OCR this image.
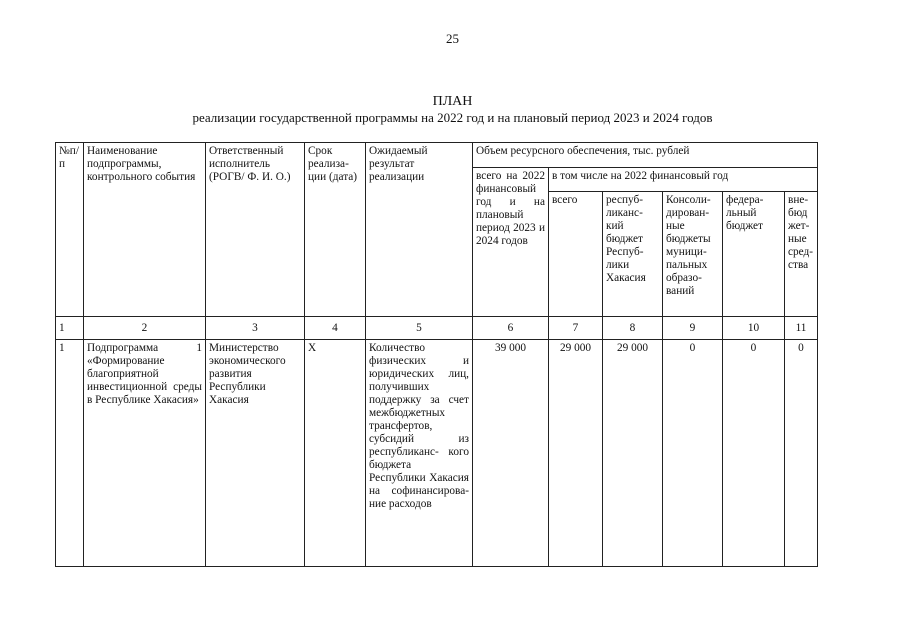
25
ПЛАН
реализации государственной программы на 2022 год и на плановый период 2023 и 2024 годов
№п/ п	Наименование подпрограммы, контрольного события	Ответственный исполнитель (РОГВ/ Ф. И. О.)	Срок реализа- ции (дата)	Ожидаемый результат реализации	Объем ресурсного обеспечения, тыс. рублей					
					всего на 2022 финансовый год и на плановый период 2023 и 2024 годов	в том числе на 2022 финансовый год				
						всего	респуб- ликанс- кий бюджет Респуб- лики Хакасия	Консоли- дирован- ные бюджеты муници- пальных образо- ваний	федера- льный бюджет	вне- бюд жет- ные сред- ства
1	2	3	4	5	6	7	8	9	10	11
1	Подпрограмма 1 «Формирование благоприятной инвестиционной среды в Республике Хакасия»	Министерство экономического развития Республики Хакасия	Х	Количество физических и юридических лиц, получивших поддержку за счет межбюджетных трансфертов, субсидий из республиканс- кого бюджета Республики Хакасия на софинансирова- ние расходов	39 000	29 000	29 000	0	0	0
